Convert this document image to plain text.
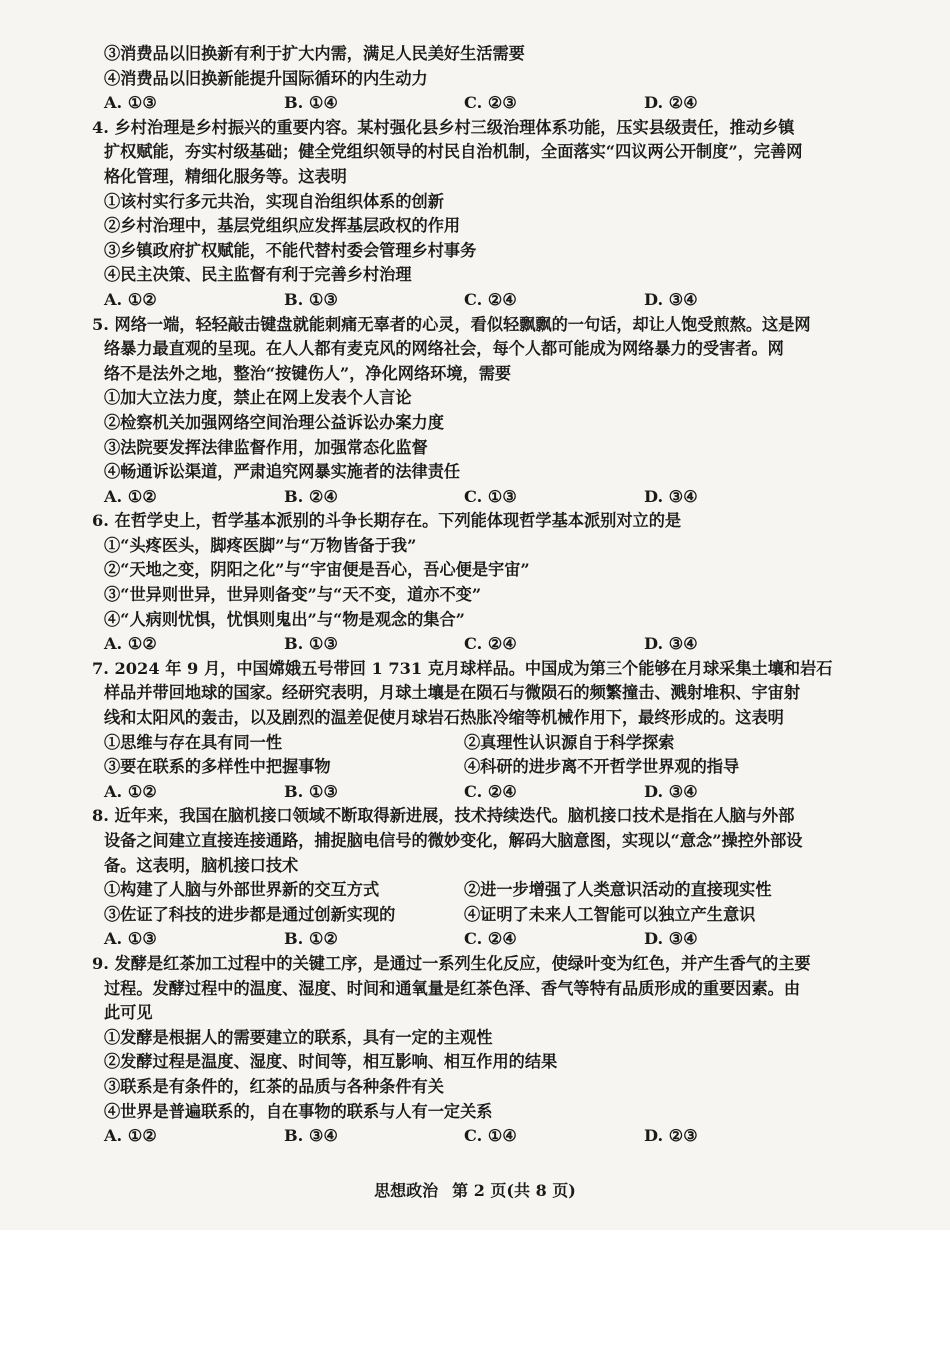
③消费品以旧换新有利于扩大内需，满足人民美好生活需要
④消费品以旧换新能提升国际循环的内生动力
A. ①③	B. ①④	C. ②③	D. ②④
4. 乡村治理是乡村振兴的重要内容。某村强化县乡村三级治理体系功能，压实县级责任，推动乡镇
扩权赋能，夯实村级基础；健全党组织领导的村民自治机制，全面落实“四议两公开制度”，完善网
格化管理，精细化服务等。这表明
①该村实行多元共治，实现自治组织体系的创新
②乡村治理中，基层党组织应发挥基层政权的作用
③乡镇政府扩权赋能，不能代替村委会管理乡村事务
④民主决策、民主监督有利于完善乡村治理
A. ①②	B. ①③	C. ②④	D. ③④
5. 网络一端，轻轻敲击键盘就能刺痛无辜者的心灵，看似轻飘飘的一句话，却让人饱受煎熬。这是网
络暴力最直观的呈现。在人人都有麦克风的网络社会，每个人都可能成为网络暴力的受害者。网
络不是法外之地，整治“按键伤人”，净化网络环境，需要
①加大立法力度，禁止在网上发表个人言论
②检察机关加强网络空间治理公益诉讼办案力度
③法院要发挥法律监督作用，加强常态化监督
④畅通诉讼渠道，严肃追究网暴实施者的法律责任
A. ①②	B. ②④	C. ①③	D. ③④
6. 在哲学史上，哲学基本派别的斗争长期存在。下列能体现哲学基本派别对立的是
①“头疼医头，脚疼医脚”与“万物皆备于我”
②“天地之变，阴阳之化”与“宇宙便是吾心，吾心便是宇宙”
③“世异则世异，世异则备变”与“天不变，道亦不变”
④“人病则忧惧，忧惧则鬼出”与“物是观念的集合”
A. ①②	B. ①③	C. ②④	D. ③④
7. 2024 年 9 月，中国嫦娥五号带回 1 731 克月球样品。中国成为第三个能够在月球采集土壤和岩石
样品并带回地球的国家。经研究表明，月球土壤是在陨石与微陨石的频繁撞击、溅射堆积、宇宙射
线和太阳风的轰击，以及剧烈的温差促使月球岩石热胀冷缩等机械作用下，最终形成的。这表明
①思维与存在具有同一性	②真理性认识源自于科学探索
③要在联系的多样性中把握事物	④科研的进步离不开哲学世界观的指导
A. ①②	B. ①③	C. ②④	D. ③④
8. 近年来，我国在脑机接口领域不断取得新进展，技术持续迭代。脑机接口技术是指在人脑与外部
设备之间建立直接连接通路，捕捉脑电信号的微妙变化，解码大脑意图，实现以“意念”操控外部设
备。这表明，脑机接口技术
①构建了人脑与外部世界新的交互方式	②进一步增强了人类意识活动的直接现实性
③佐证了科技的进步都是通过创新实现的	④证明了未来人工智能可以独立产生意识
A. ①③	B. ①②	C. ②④	D. ③④
9. 发酵是红茶加工过程中的关键工序，是通过一系列生化反应，使绿叶变为红色，并产生香气的主要
过程。发酵过程中的温度、湿度、时间和通氧量是红茶色泽、香气等特有品质形成的重要因素。由
此可见
①发酵是根据人的需要建立的联系，具有一定的主观性
②发酵过程是温度、湿度、时间等，相互影响、相互作用的结果
③联系是有条件的，红茶的品质与各种条件有关
④世界是普遍联系的，自在事物的联系与人有一定关系
A. ①②	B. ③④	C. ①④	D. ②③
思想政治 第 2 页(共 8 页)
